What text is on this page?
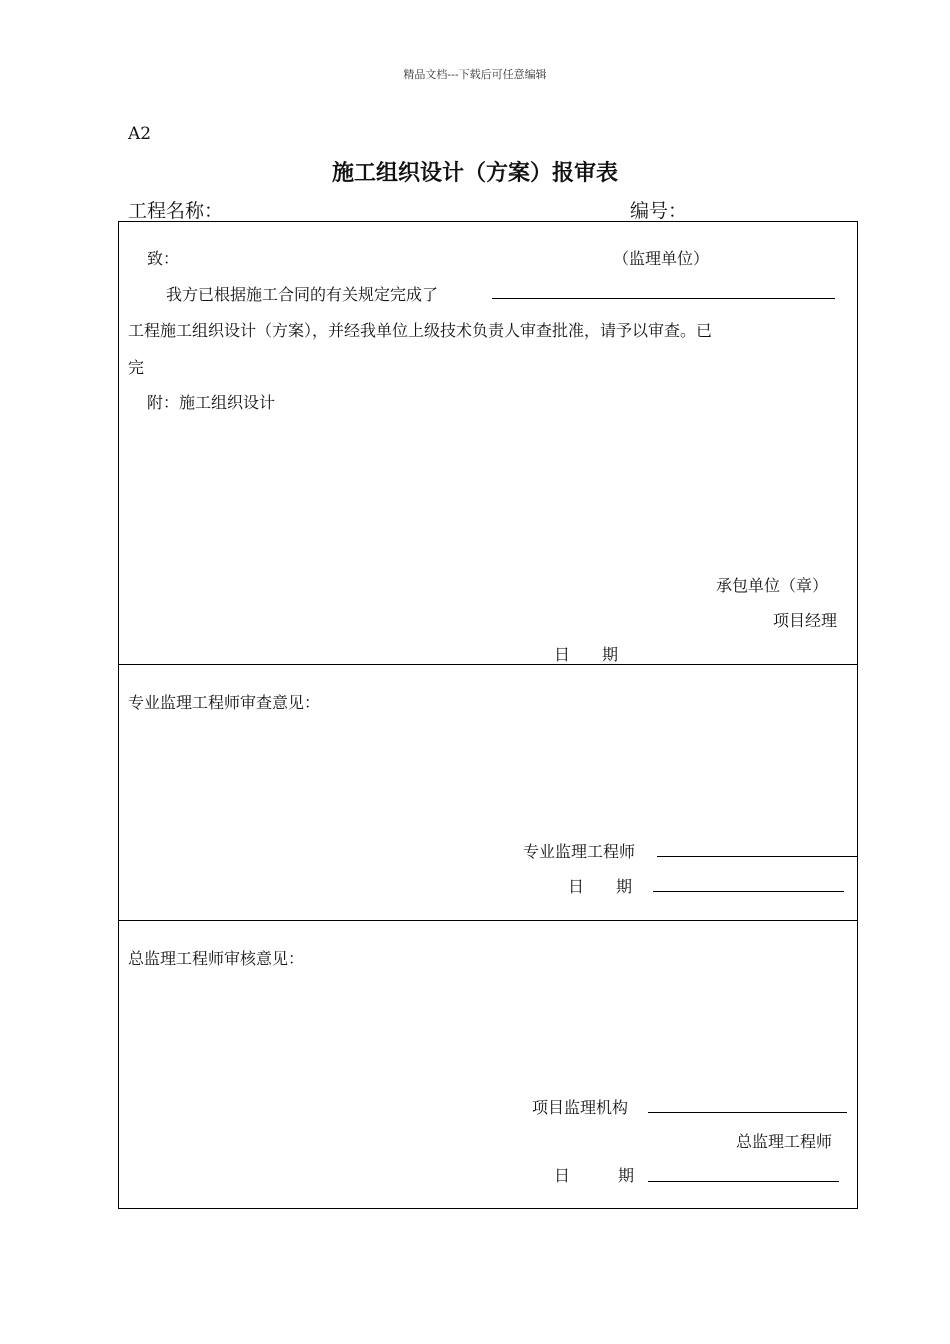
精品文档---下载后可任意编辑
A2
施工组织设计（方案）报审表
工程名称：	编号：
致：	（监理单位）
我方已根据施工合同的有关规定完成了
工程施工组织设计（方案），并经我单位上级技术负责人审查批准，请予以审查。已
完
附：施工组织设计
承包单位（章）
项目经理
日　　期
专业监理工程师审查意见：
专业监理工程师
日　　期
总监理工程师审核意见：
项目监理机构
总监理工程师
日　　　期
